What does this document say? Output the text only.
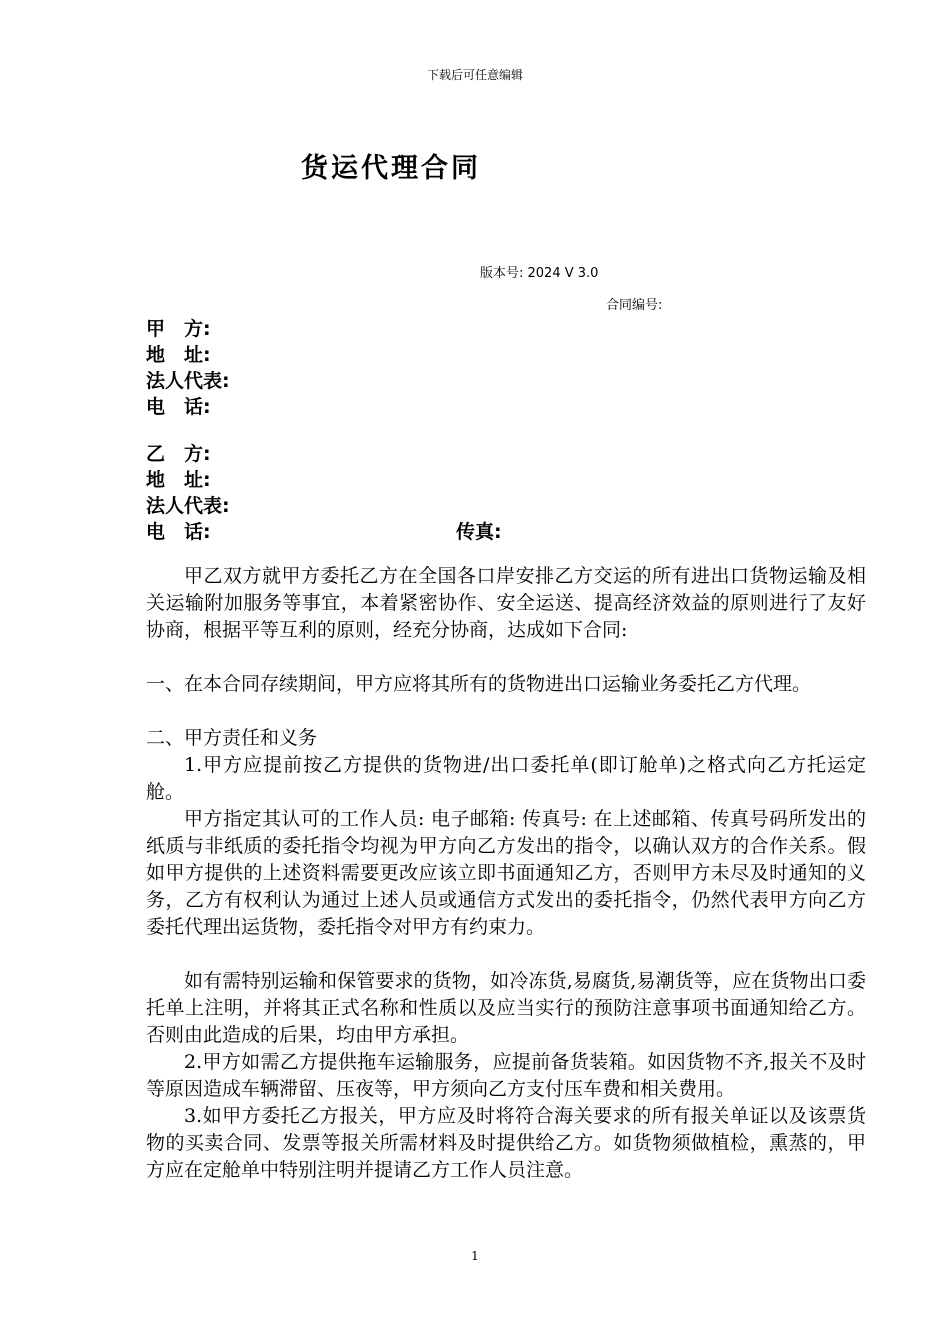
下载后可任意编辑
货运代理合同
版本号: 2024 V 3.0
合同编号:
甲　方:
地　址:
法人代表:
电　话:
乙　方:
地　址:
法人代表:
电　话:	传真:

甲乙双方就甲方委托乙方在全国各口岸安排乙方交运的所有进出口货物运输及相关运输附加服务等事宜，本着紧密协作、安全运送、提高经济效益的原则进行了友好协商，根据平等互利的原则，经充分协商，达成如下合同:

一、在本合同存续期间，甲方应将其所有的货物进出口运输业务委托乙方代理。

二、甲方责任和义务

1.甲方应提前按乙方提供的货物进/出口委托单(即订舱单)之格式向乙方托运定舱。

甲方指定其认可的工作人员: 电子邮箱: 传真号: 在上述邮箱、传真号码所发出的纸质与非纸质的委托指令均视为甲方向乙方发出的指令，以确认双方的合作关系。假如甲方提供的上述资料需要更改应该立即书面通知乙方，否则甲方未尽及时通知的义务，乙方有权利认为通过上述人员或通信方式发出的委托指令，仍然代表甲方向乙方委托代理出运货物，委托指令对甲方有约束力。

如有需特别运输和保管要求的货物，如冷冻货,易腐货,易潮货等，应在货物出口委托单上注明，并将其正式名称和性质以及应当实行的预防注意事项书面通知给乙方。否则由此造成的后果，均由甲方承担。

2.甲方如需乙方提供拖车运输服务，应提前备货装箱。如因货物不齐,报关不及时等原因造成车辆滞留、压夜等，甲方须向乙方支付压车费和相关费用。

3.如甲方委托乙方报关，甲方应及时将符合海关要求的所有报关单证以及该票货物的买卖合同、发票等报关所需材料及时提供给乙方。如货物须做植检，熏蒸的，甲方应在定舱单中特别注明并提请乙方工作人员注意。

1
